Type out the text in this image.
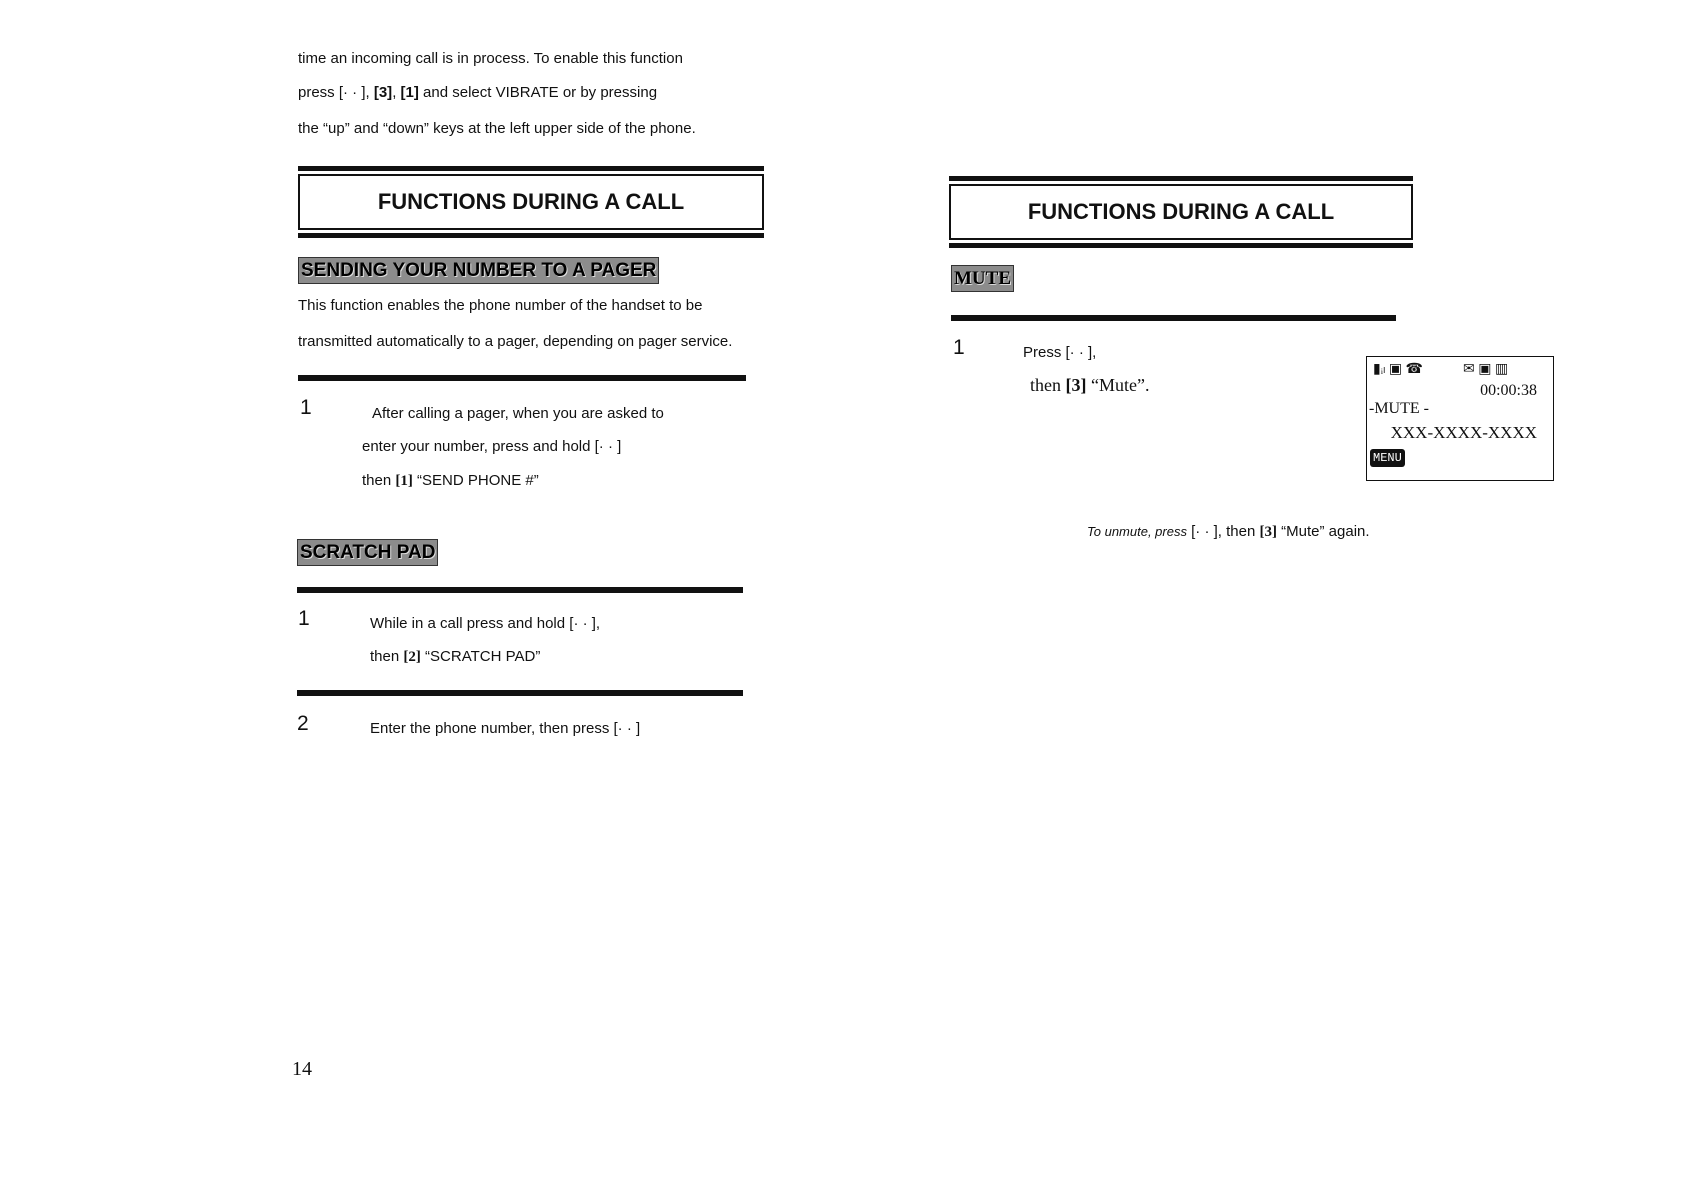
time an incoming call is in process. To enable this function
press [· · ], [3], [1] and select VIBRATE or by pressing
the “up” and “down” keys at the left upper side of the phone.
FUNCTIONS DURING A CALL
SENDING YOUR NUMBER TO A PAGER
This function enables the phone number of the handset to be
transmitted automatically to a pager, depending on pager service.
1	After calling a pager, when you are asked to
enter your number, press and hold [· · ]
then [1] “SEND PHONE #”
SCRATCH PAD
1	While in a call press and hold [· · ],
then [2] “SCRATCH PAD”
2	Enter the phone number, then press [· · ]
FUNCTIONS DURING A CALL
MUTE
1	Press [· · ],
then [3] “Mute”.
▮ᵢₗ ▣ ☎	✉ ▣ ▥
00:00:38
-MUTE -
XXX-XXXX-XXXX
MENU
To unmute, press [· · ], then [3] “Mute” again.
14
